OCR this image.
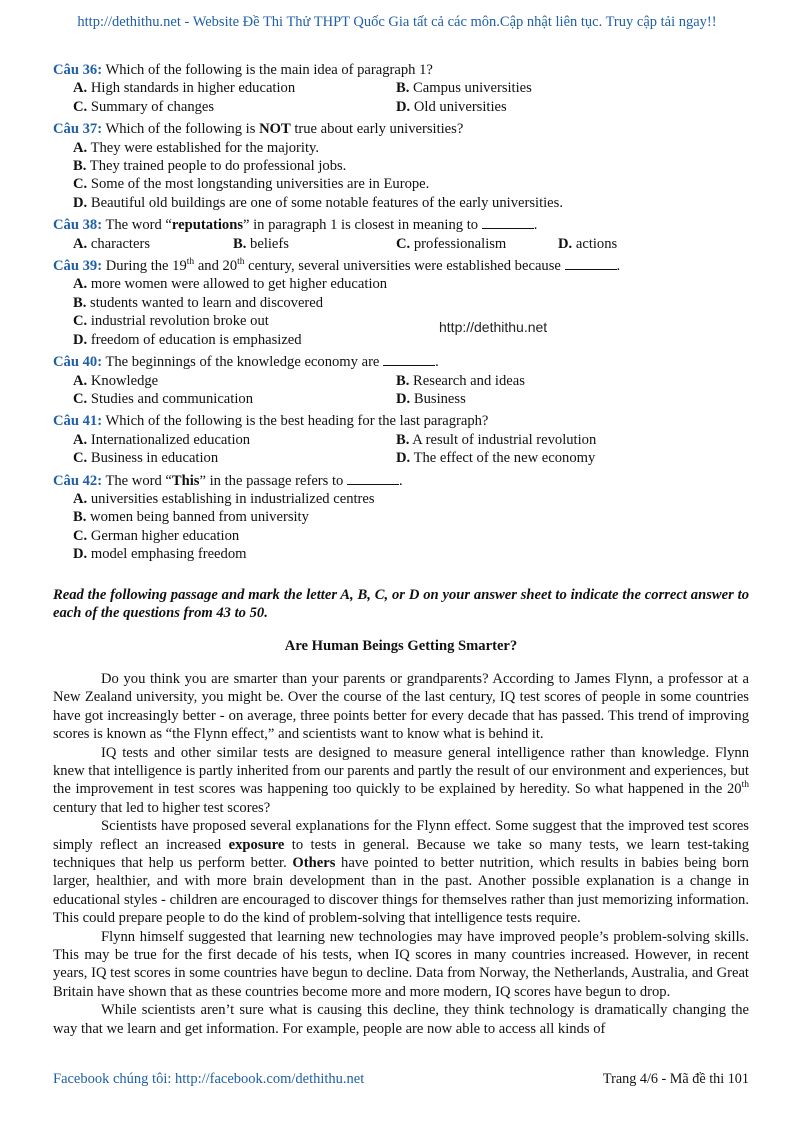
http://dethithu.net - Website Đề Thi Thử THPT Quốc Gia tất cả các môn.Cập nhật liên tục. Truy cập tải ngay!!
http://dethithu.net

Câu 36: Which of the following is the main idea of paragraph 1?

A. High standards in higher education	B. Campus universities
C. Summary of changes	D. Old universities

Câu 37: Which of the following is NOT true about early universities?

A. They were established for the majority.
B. They trained people to do professional jobs.
C. Some of the most longstanding universities are in Europe.
D. Beautiful old buildings are one of some notable features of the early universities.

Câu 38: The word “reputations” in paragraph 1 is closest in meaning to	.

A. characters	B. beliefs	C. professionalism	D. actions

Câu 39: During the 19th and 20th century, several universities were established because	.

A. more women were allowed to get higher education
B. students wanted to learn and discovered
C. industrial revolution broke out
D. freedom of education is emphasized

Câu 40: The beginnings of the knowledge economy are	.

A. Knowledge	B. Research and ideas
C. Studies and communication	D. Business

Câu 41: Which of the following is the best heading for the last paragraph?

A. Internationalized education	B. A result of industrial revolution
C. Business in education	D. The effect of the new economy

Câu 42: The word “This” in the passage refers to	.

A. universities establishing in industrialized centres
B. women being banned from university
C. German higher education
D. model emphasing freedom

Read the following passage and mark the letter A, B, C, or D on your answer sheet to indicate the correct answer to each of the questions from 43 to 50.

Are Human Beings Getting Smarter?

Do you think you are smarter than your parents or grandparents? According to James Flynn, a professor at a New Zealand university, you might be. Over the course of the last century, IQ test scores of people in some countries have got increasingly better - on average, three points better for every decade that has passed. This trend of improving scores is known as “the Flynn effect,” and scientists want to know what is behind it.

IQ tests and other similar tests are designed to measure general intelligence rather than knowledge. Flynn knew that intelligence is partly inherited from our parents and partly the result of our environment and experiences, but the improvement in test scores was happening too quickly to be explained by heredity. So what happened in the 20th century that led to higher test scores?

Scientists have proposed several explanations for the Flynn effect. Some suggest that the improved test scores simply reflect an increased exposure to tests in general. Because we take so many tests, we learn test-taking techniques that help us perform better. Others have pointed to better nutrition, which results in babies being born larger, healthier, and with more brain development than in the past. Another possible explanation is a change in educational styles - children are encouraged to discover things for themselves rather than just memorizing information. This could prepare people to do the kind of problem-solving that intelligence tests require.

Flynn himself suggested that learning new technologies may have improved people’s problem-solving skills. This may be true for the first decade of his tests, when IQ scores in many countries increased. However, in recent years, IQ test scores in some countries have begun to decline. Data from Norway, the Netherlands, Australia, and Great Britain have shown that as these countries become more and more modern, IQ scores have begun to drop.

While scientists aren’t sure what is causing this decline, they think technology is dramatically changing the way that we learn and get information. For example, people are now able to access all kinds of

Facebook chúng tôi: http://facebook.com/dethithu.net	Trang 4/6 - Mã đề thi 101
